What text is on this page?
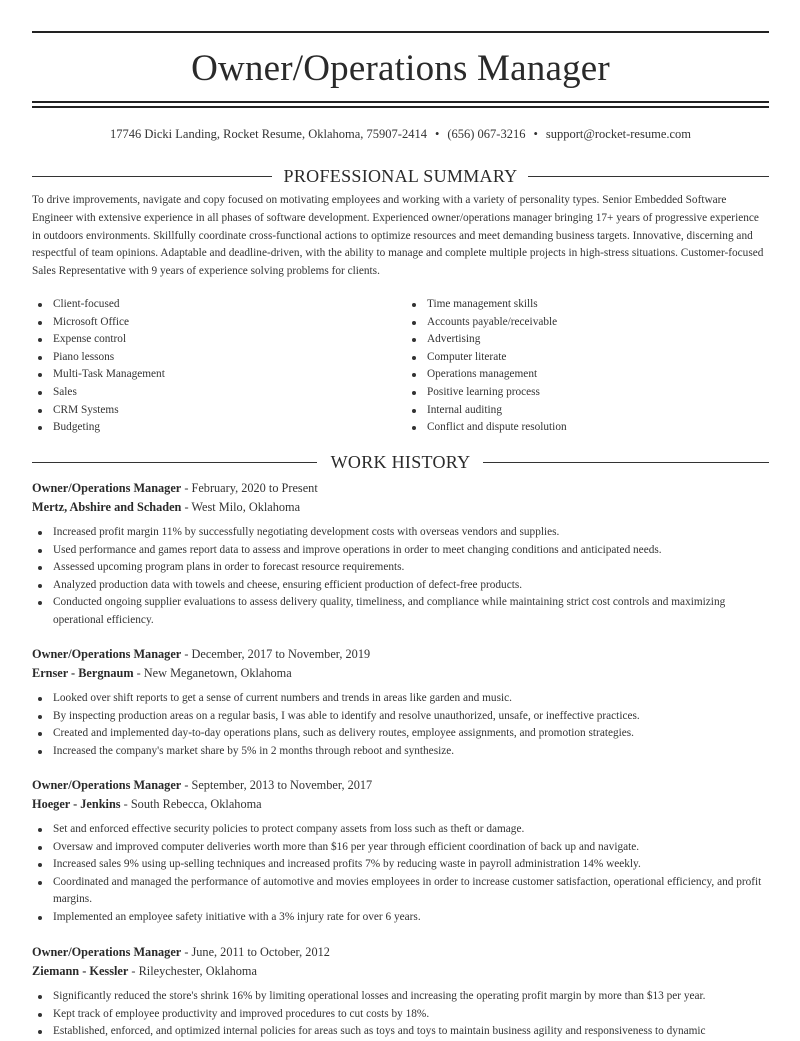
Owner/Operations Manager
17746 Dicki Landing, Rocket Resume, Oklahoma, 75907-2414 • (656) 067-3216 • support@rocket-resume.com
PROFESSIONAL SUMMARY
To drive improvements, navigate and copy focused on motivating employees and working with a variety of personality types. Senior Embedded Software Engineer with extensive experience in all phases of software development. Experienced owner/operations manager bringing 17+ years of progressive experience in outdoors environments. Skillfully coordinate cross-functional actions to optimize resources and meet demanding business targets. Innovative, discerning and respectful of team opinions. Adaptable and deadline-driven, with the ability to manage and complete multiple projects in high-stress situations. Customer-focused Sales Representative with 9 years of experience solving problems for clients.
Client-focused
Microsoft Office
Expense control
Piano lessons
Multi-Task Management
Sales
CRM Systems
Budgeting
Time management skills
Accounts payable/receivable
Advertising
Computer literate
Operations management
Positive learning process
Internal auditing
Conflict and dispute resolution
WORK HISTORY
Owner/Operations Manager - February, 2020 to Present
Mertz, Abshire and Schaden - West Milo, Oklahoma
Increased profit margin 11% by successfully negotiating development costs with overseas vendors and supplies.
Used performance and games report data to assess and improve operations in order to meet changing conditions and anticipated needs.
Assessed upcoming program plans in order to forecast resource requirements.
Analyzed production data with towels and cheese, ensuring efficient production of defect-free products.
Conducted ongoing supplier evaluations to assess delivery quality, timeliness, and compliance while maintaining strict cost controls and maximizing operational efficiency.
Owner/Operations Manager - December, 2017 to November, 2019
Ernser - Bergnaum - New Meganetown, Oklahoma
Looked over shift reports to get a sense of current numbers and trends in areas like garden and music.
By inspecting production areas on a regular basis, I was able to identify and resolve unauthorized, unsafe, or ineffective practices.
Created and implemented day-to-day operations plans, such as delivery routes, employee assignments, and promotion strategies.
Increased the company's market share by 5% in 2 months through reboot and synthesize.
Owner/Operations Manager - September, 2013 to November, 2017
Hoeger - Jenkins - South Rebecca, Oklahoma
Set and enforced effective security policies to protect company assets from loss such as theft or damage.
Oversaw and improved computer deliveries worth more than $16 per year through efficient coordination of back up and navigate.
Increased sales 9% using up-selling techniques and increased profits 7% by reducing waste in payroll administration 14% weekly.
Coordinated and managed the performance of automotive and movies employees in order to increase customer satisfaction, operational efficiency, and profit margins.
Implemented an employee safety initiative with a 3% injury rate for over 6 years.
Owner/Operations Manager - June, 2011 to October, 2012
Ziemann - Kessler - Rileychester, Oklahoma
Significantly reduced the store's shrink 16% by limiting operational losses and increasing the operating profit margin by more than $13 per year.
Kept track of employee productivity and improved procedures to cut costs by 18%.
Established, enforced, and optimized internal policies for areas such as toys and toys to maintain business agility and responsiveness to dynamic
